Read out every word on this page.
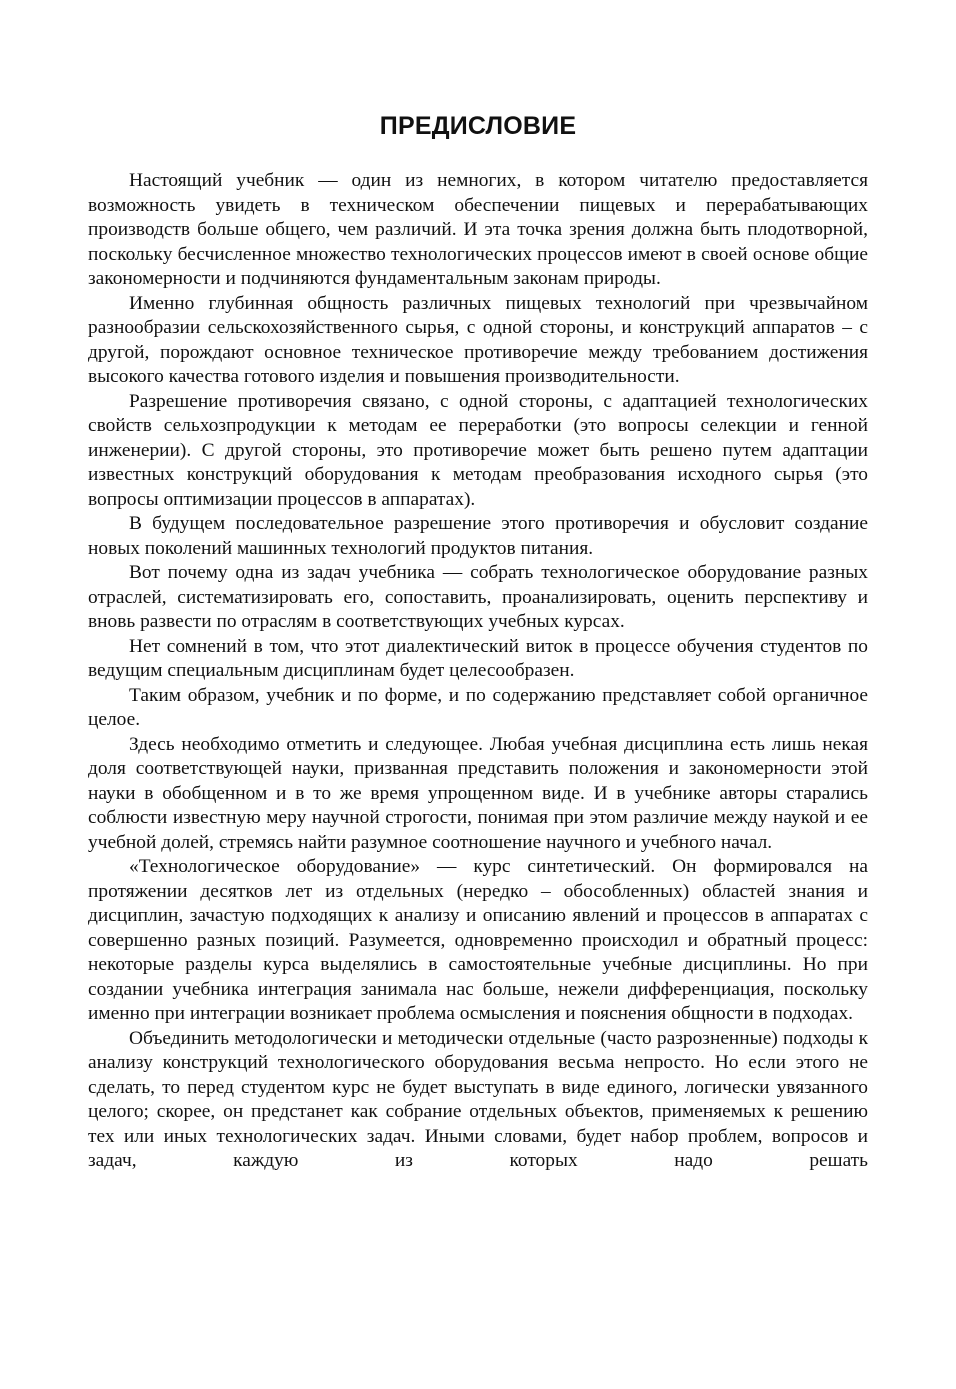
ПРЕДИСЛОВИЕ

Настоящий учебник — один из немногих, в котором читателю предоставляется возможность увидеть в техническом обеспечении пищевых и перерабатывающих производств больше общего, чем различий. И эта точка зрения должна быть плодотворной, поскольку бесчисленное множество технологических процессов имеют в своей основе общие закономерности и подчиняются фундаментальным законам природы.

Именно глубинная общность различных пищевых технологий при чрезвычайном разнообразии сельскохозяйственного сырья, с одной стороны, и конструкций аппаратов – с другой, порождают основное техническое противоречие между требованием достижения высокого качества готового изделия и повышения производительности.

Разрешение противоречия связано, с одной стороны, с адаптацией технологических свойств сельхозпродукции к методам ее переработки (это вопросы селекции и генной инженерии). С другой стороны, это противоречие может быть решено путем адаптации известных конструкций оборудования к методам преобразования исходного сырья (это вопросы оптимизации процессов в аппаратах).

В будущем последовательное разрешение этого противоречия и обусловит создание новых поколений машинных технологий продуктов питания.

Вот почему одна из задач учебника — собрать технологическое оборудование разных отраслей, систематизировать его, сопоставить, проанализировать, оценить перспективу и вновь развести по отраслям в соответствующих учебных курсах.

Нет сомнений в том, что этот диалектический виток в процессе обучения студентов по ведущим специальным дисциплинам будет целесообразен.

Таким образом, учебник и по форме, и по содержанию представляет собой органичное целое.

Здесь необходимо отметить и следующее. Любая учебная дисциплина есть лишь некая доля соответствующей науки, призванная представить положения и закономерности этой науки в обобщенном и в то же время упрощенном виде. И в учебнике авторы старались соблюсти известную меру научной строгости, понимая при этом различие между наукой и ее учебной долей, стремясь найти разумное соотношение научного и учебного начал.

«Технологическое оборудование» — курс синтетический. Он формировался на протяжении десятков лет из отдельных (нередко – обособленных) областей знания и дисциплин, зачастую подходящих к анализу и описанию явлений и процессов в аппаратах с совершенно разных позиций. Разумеется, одновременно происходил и обратный процесс: некоторые разделы курса выделялись в самостоятельные учебные дисциплины. Но при создании учебника интеграция занимала нас больше, нежели дифференциация, поскольку именно при интеграции возникает проблема осмысления и пояснения общности в подходах.

Объединить методологически и методически отдельные (часто разрозненные) подходы к анализу конструкций технологического оборудования весьма непросто. Но если этого не сделать, то перед студентом курс не будет выступать в виде единого, логически увязанного целого; скорее, он предстанет как собрание отдельных объектов, применяемых к решению тех или иных технологических задач. Иными словами, будет набор проблем, вопросов и задач, каждую из которых надо решать
